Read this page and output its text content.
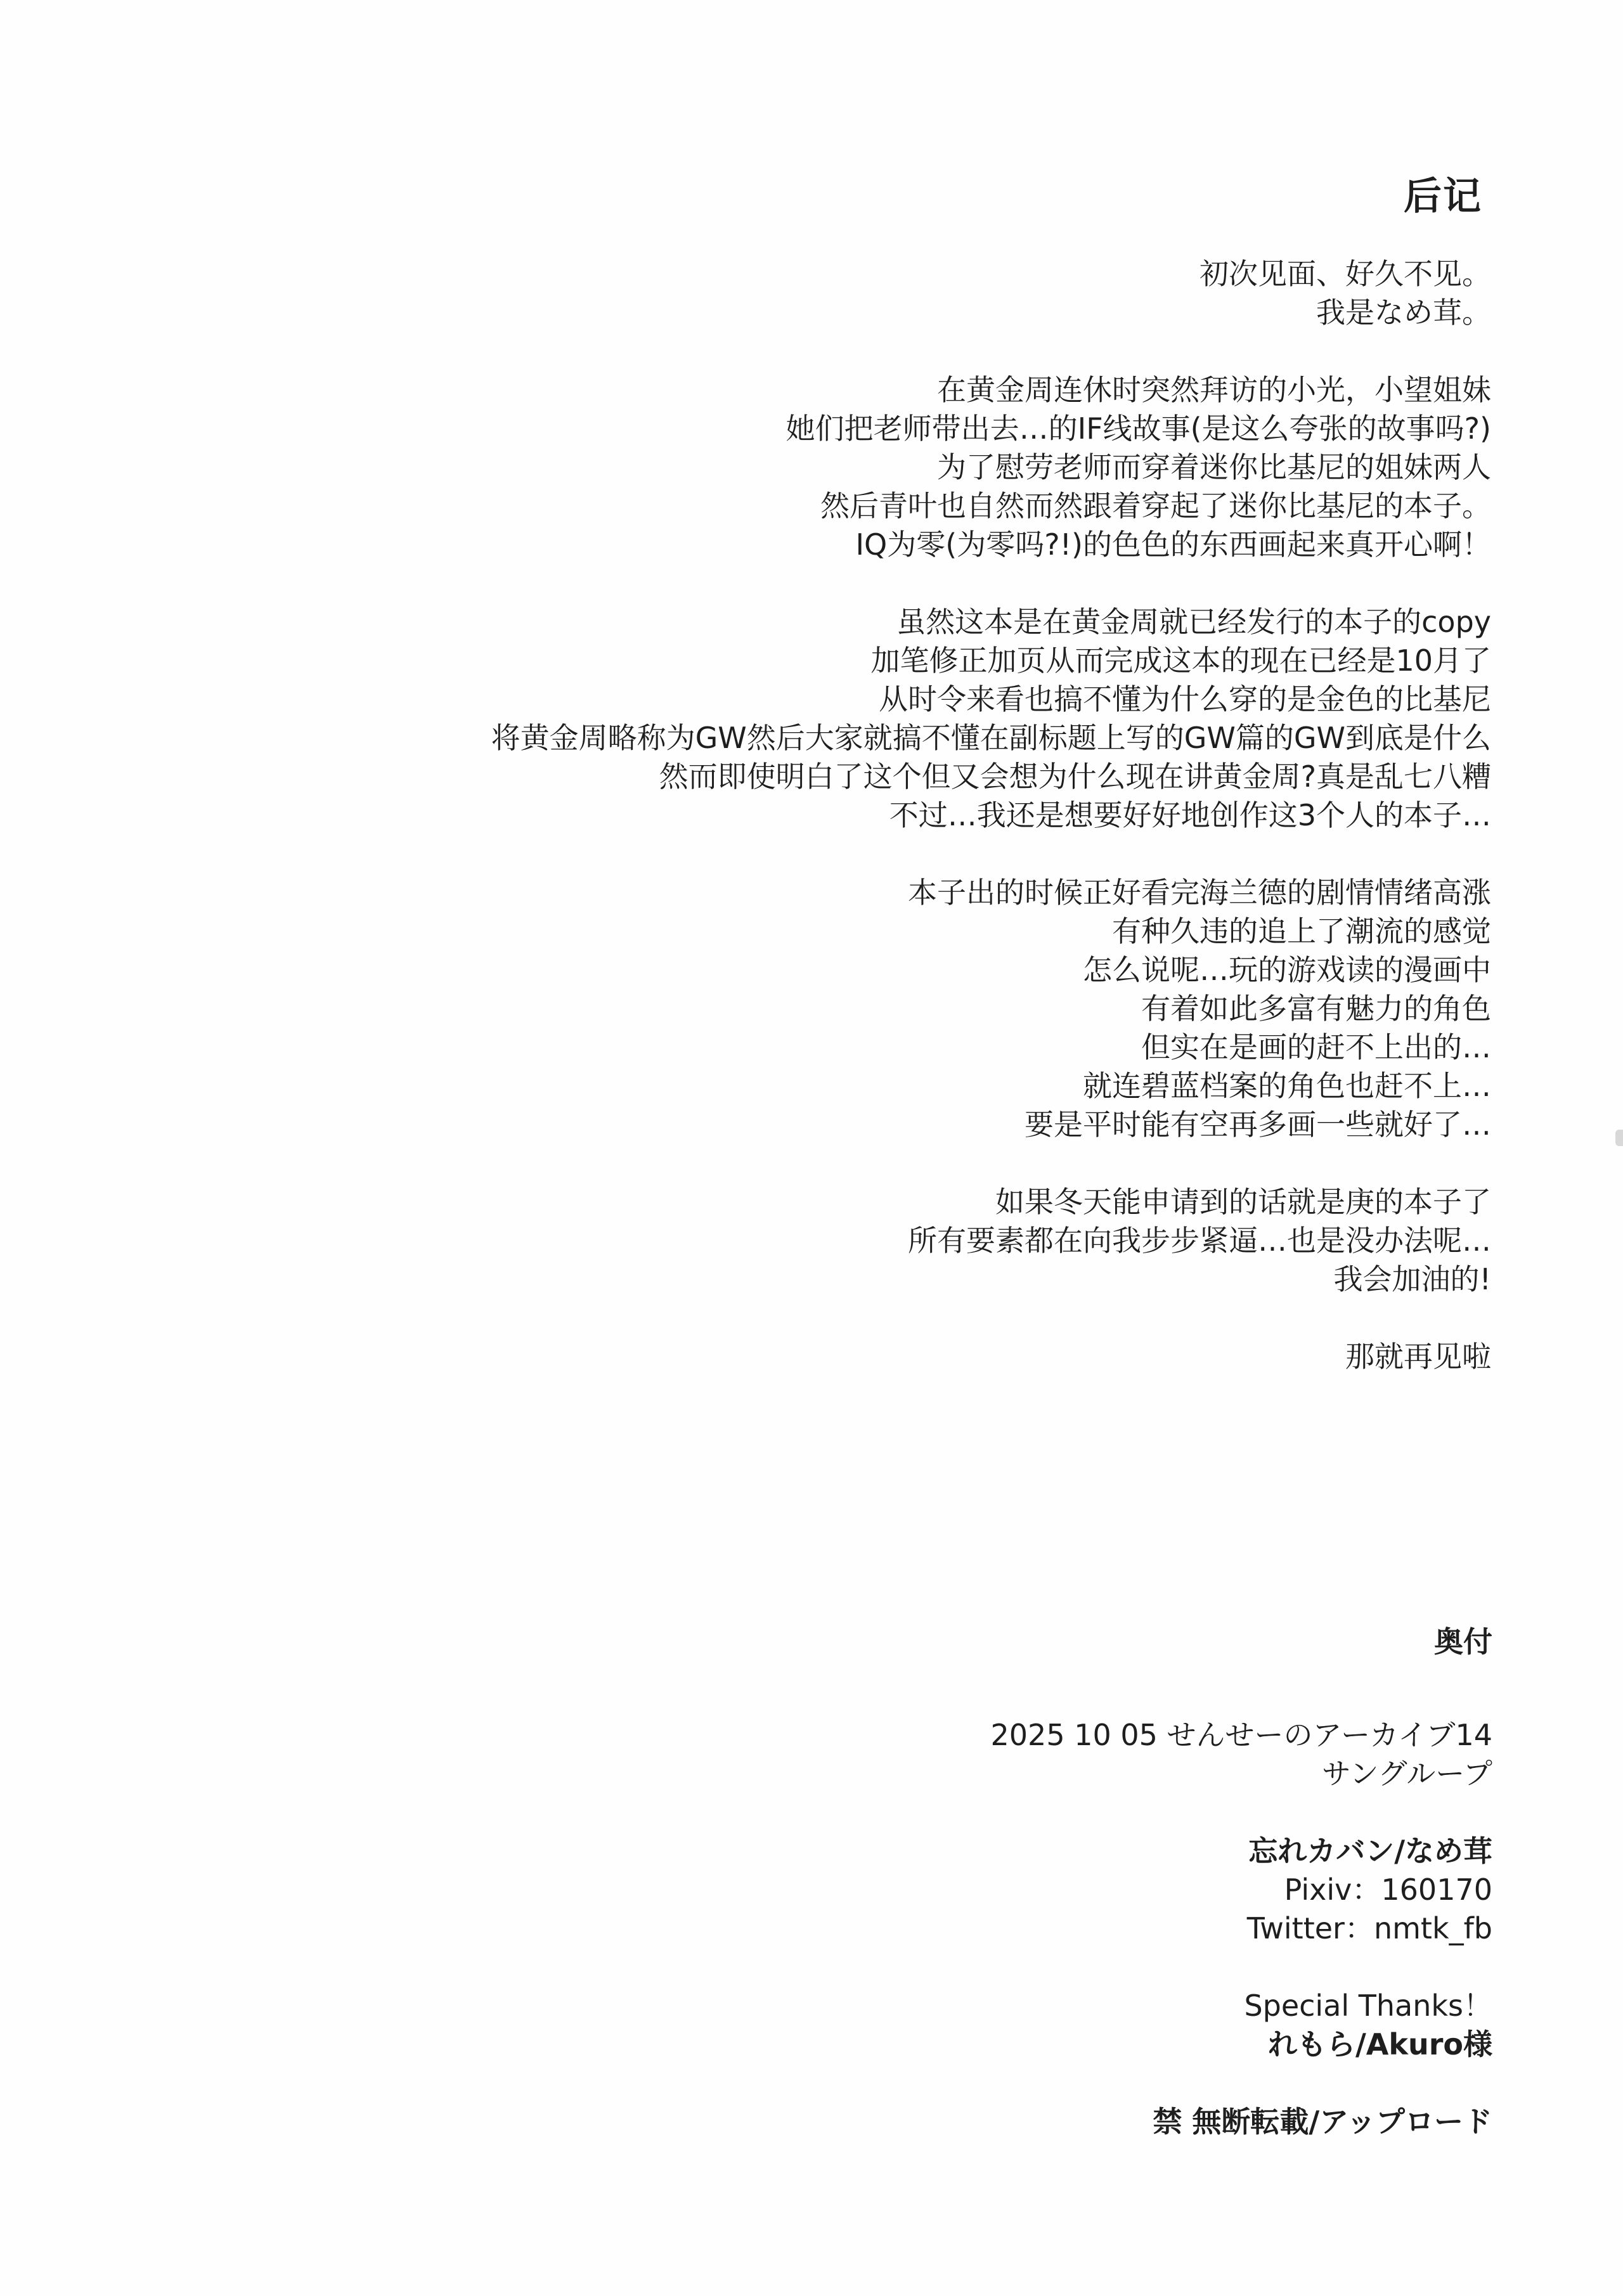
后记
初次见面、好久不见。
我是なめ茸。
在黄金周连休时突然拜访的小光，小望姐妹
她们把老师带出去…的IF线故事(是这么夸张的故事吗?)
为了慰劳老师而穿着迷你比基尼的姐妹两人
然后青叶也自然而然跟着穿起了迷你比基尼的本子。
IQ为零(为零吗?!)的色色的东西画起来真开心啊！
虽然这本是在黄金周就已经发行的本子的copy
加笔修正加页从而完成这本的现在已经是10月了
从时令来看也搞不懂为什么穿的是金色的比基尼
将黄金周略称为GW然后大家就搞不懂在副标题上写的GW篇的GW到底是什么
然而即使明白了这个但又会想为什么现在讲黄金周?真是乱七八糟
不过…我还是想要好好地创作这3个人的本子…
本子出的时候正好看完海兰德的剧情情绪高涨
有种久违的追上了潮流的感觉
怎么说呢…玩的游戏读的漫画中
有着如此多富有魅力的角色
但实在是画的赶不上出的…
就连碧蓝档案的角色也赶不上…
要是平时能有空再多画一些就好了…
如果冬天能申请到的话就是庚的本子了
所有要素都在向我步步紧逼…也是没办法呢…
我会加油的!
那就再见啦
奥付
2025 10 05 せんせーのアーカイブ14
サングループ
忘れカバン/なめ茸
Pixiv：160170
Twitter：nmtk_fb
Special Thanks！
れもら/Akuro様
禁 無断転載/アップロード
